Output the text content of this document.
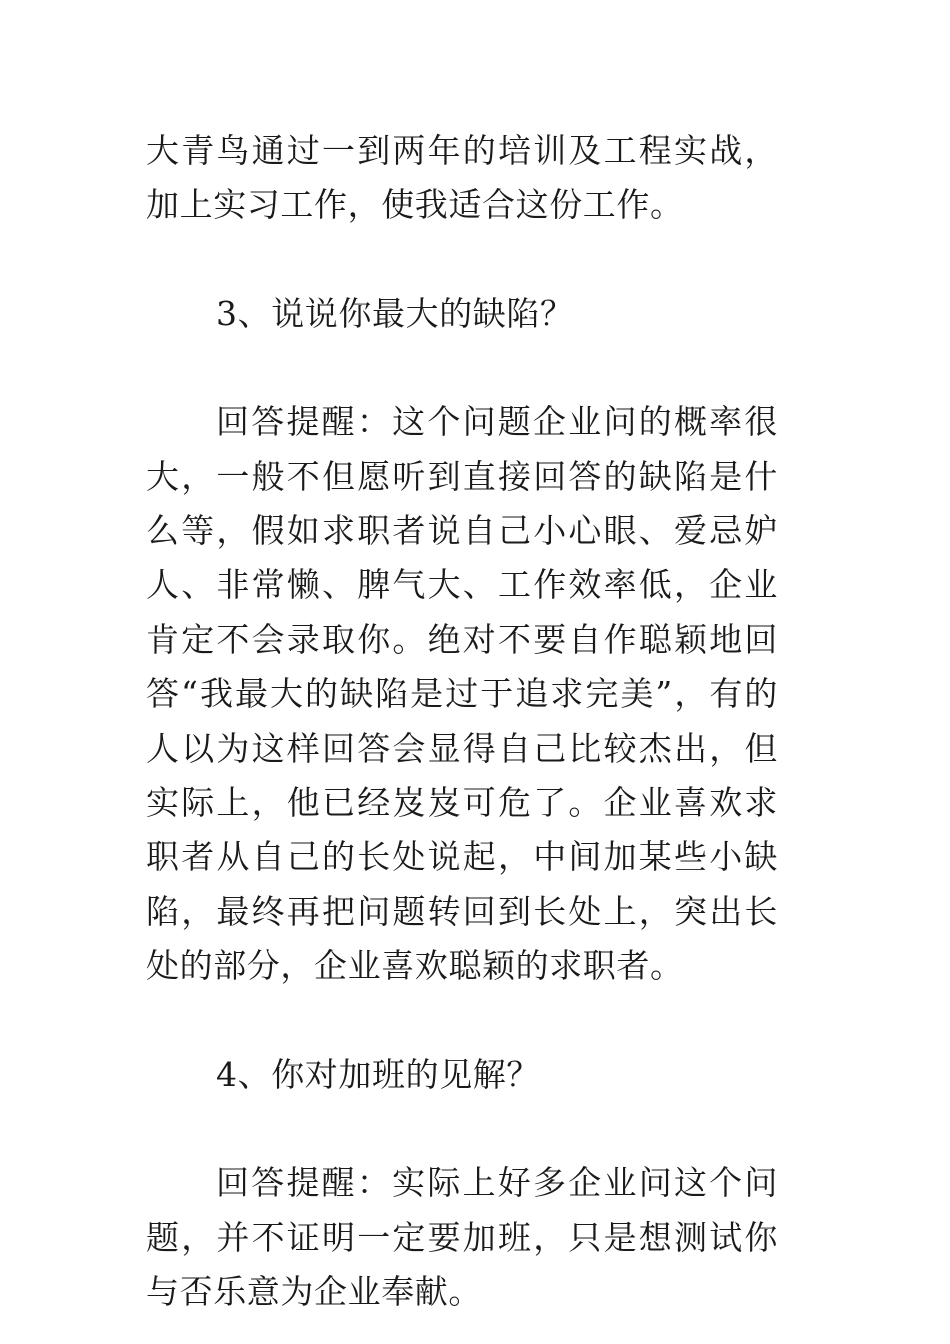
大青鸟通过一到两年的培训及工程实战，加上实习工作，使我适合这份工作。

3、说说你最大的缺陷？

回答提醒：这个问题企业问的概率很大，一般不但愿听到直接回答的缺陷是什么等，假如求职者说自己小心眼、爱忌妒人、非常懒、脾气大、工作效率低，企业肯定不会录取你。绝对不要自作聪颖地回答“我最大的缺陷是过于追求完美”，有的人以为这样回答会显得自己比较杰出，但实际上，他已经岌岌可危了。企业喜欢求职者从自己的长处说起，中间加某些小缺陷，最终再把问题转回到长处上，突出长处的部分，企业喜欢聪颖的求职者。

4、你对加班的见解？

回答提醒：实际上好多企业问这个问题，并不证明一定要加班，只是想测试你与否乐意为企业奉献。
